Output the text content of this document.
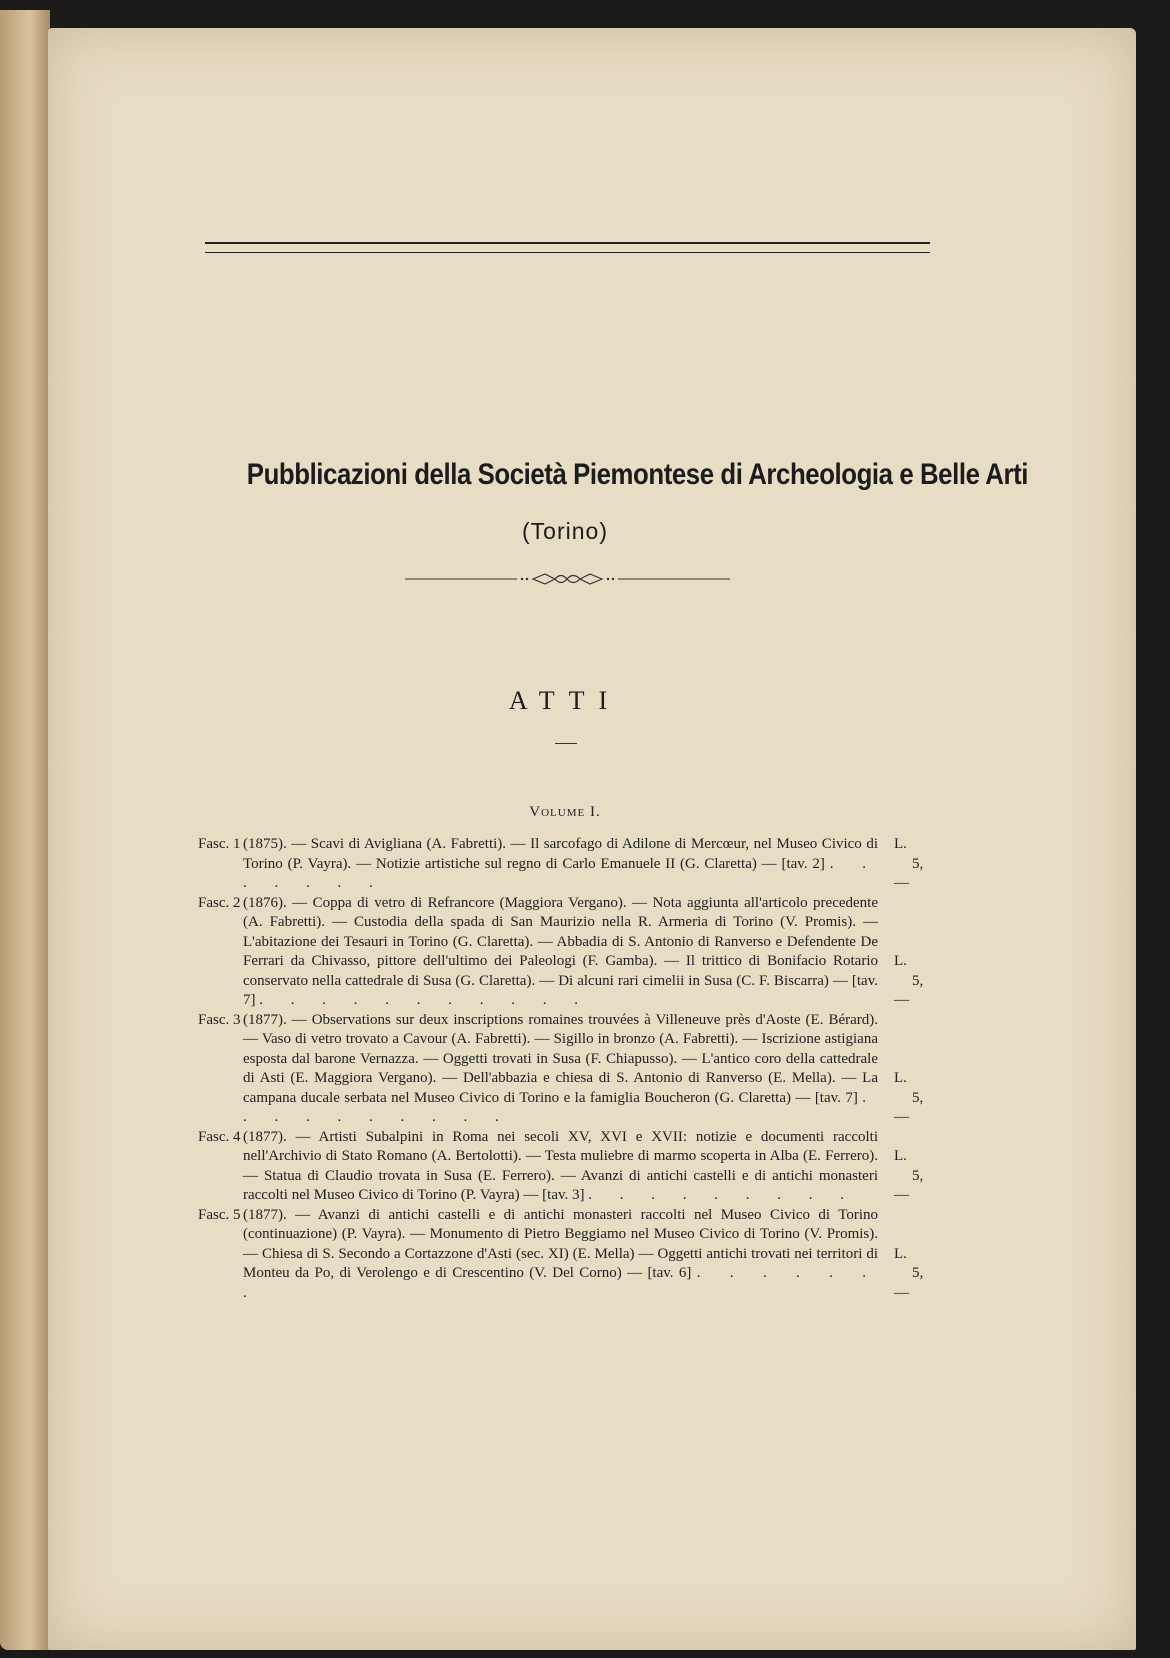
Pubblicazioni della Società Piemontese di Archeologia e Belle Arti
(Torino)
ATTI
Volume I.
Fasc. 1 (1875). — Scavi di Avigliana (A. Fabretti). — Il sarcofago di Adilone di Mercœur, nel Museo Civico di Torino (P. Vayra). — Notizie artistiche sul regno di Carlo Emanuele II (G. Claretta) — [tav. 2] . . . . . . .
L. 5,—
Fasc. 2 (1876). — Coppa di vetro di Refrancore (Maggiora Vergano). — Nota aggiunta all'articolo precedente (A. Fabretti). — Custodia della spada di San Maurizio nella R. Armeria di Torino (V. Promis). — L'abitazione dei Tesauri in Torino (G. Claretta). — Abbadia di S. Antonio di Ranverso e Defendente De Ferrari da Chivasso, pittore dell'ultimo dei Paleologi (F. Gamba). — Il trittico di Bonifacio Rotario conservato nella cattedrale di Susa (G. Claretta). — Di alcuni rari cimelii in Susa (C. F. Biscarra) — [tav. 7] . . . . . . . . . . .
L. 5,—
Fasc. 3 (1877). — Observations sur deux inscriptions romaines trouvées à Villeneuve près d'Aoste (E. Bérard). — Vaso di vetro trovato a Cavour (A. Fabretti). — Sigillo in bronzo (A. Fabretti). — Iscrizione astigiana esposta dal barone Vernazza. — Oggetti trovati in Susa (F. Chiapusso). — L'antico coro della cattedrale di Asti (E. Maggiora Vergano). — Dell'abbazia e chiesa di S. Antonio di Ranverso (E. Mella). — La campana ducale serbata nel Museo Civico di Torino e la famiglia Boucheron (G. Claretta) — [tav. 7] . . . . . . . . . .
L. 5,—
Fasc. 4 (1877). — Artisti Subalpini in Roma nei secoli XV, XVI e XVII: notizie e documenti raccolti nell'Archivio di Stato Romano (A. Bertolotti). — Testa muliebre di marmo scoperta in Alba (E. Ferrero). — Statua di Claudio trovata in Susa (E. Ferrero). — Avanzi di antichi castelli e di antichi monasteri raccolti nel Museo Civico di Torino (P. Vayra) — [tav. 3] . . . . . . . . .
L. 5,—
Fasc. 5 (1877). — Avanzi di antichi castelli e di antichi monasteri raccolti nel Museo Civico di Torino (continuazione) (P. Vayra). — Monumento di Pietro Beggiamo nel Museo Civico di Torino (V. Promis). — Chiesa di S. Secondo a Cortazzone d'Asti (sec. XI) (E. Mella) — Oggetti antichi trovati nei territori di Monteu da Po, di Verolengo e di Crescentino (V. Del Corno) — [tav. 6] . . . . . . .
L. 5,—
